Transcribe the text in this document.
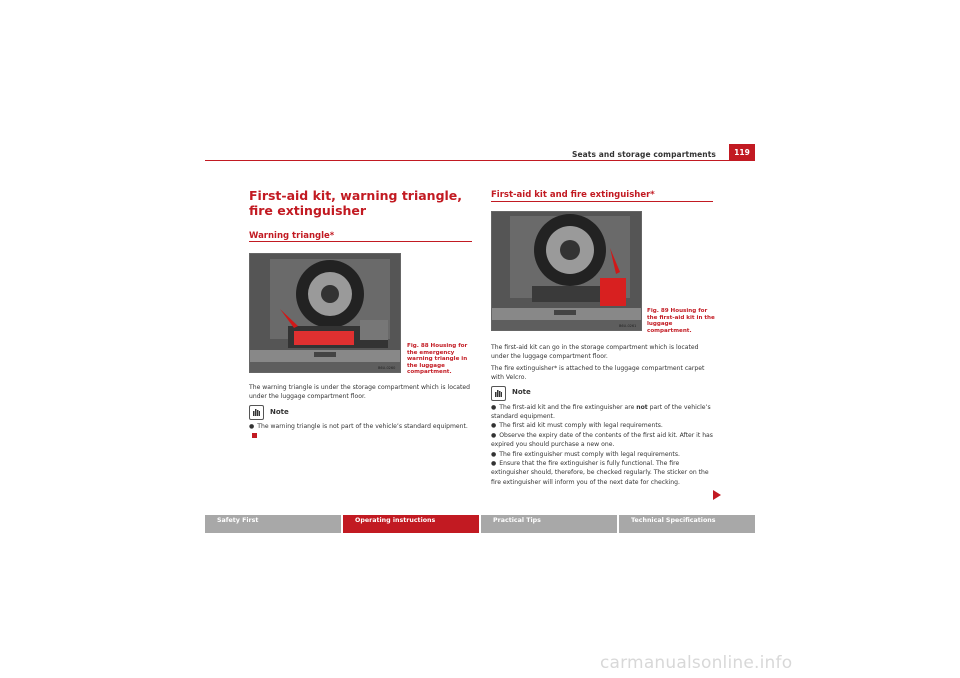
Seats and storage compartments	119
First-aid kit, warning triangle, fire extinguisher
Warning triangle*
B6U-0260
Fig. 88 Housing for the emergency warning triangle in the luggage compartment.

The warning triangle is under the storage compartment which is located under the luggage compartment floor.

Note
● The warning triangle is not part of the vehicle’s standard equipment.
First-aid kit and fire extinguisher*
B6U-0261
Fig. 89 Housing for the first-aid kit in the luggage compartment.

The first-aid kit can go in the storage compartment which is located under the luggage compartment floor.

The fire extinguisher* is attached to the luggage compartment carpet with Velcro.

Note
● The first-aid kit and the fire extinguisher are not part of the vehicle’s standard equipment.
● The first aid kit must comply with legal requirements.
● Observe the expiry date of the contents of the first aid kit. After it has expired you should purchase a new one.
● The fire extinguisher must comply with legal requirements.
● Ensure that the fire extinguisher is fully functional. The fire extinguisher should, therefore, be checked regularly. The sticker on the fire extinguisher will inform you of the next date for checking.
Safety First	Operating instructions	Practical Tips	Technical Specifications
carmanualsonline.info
